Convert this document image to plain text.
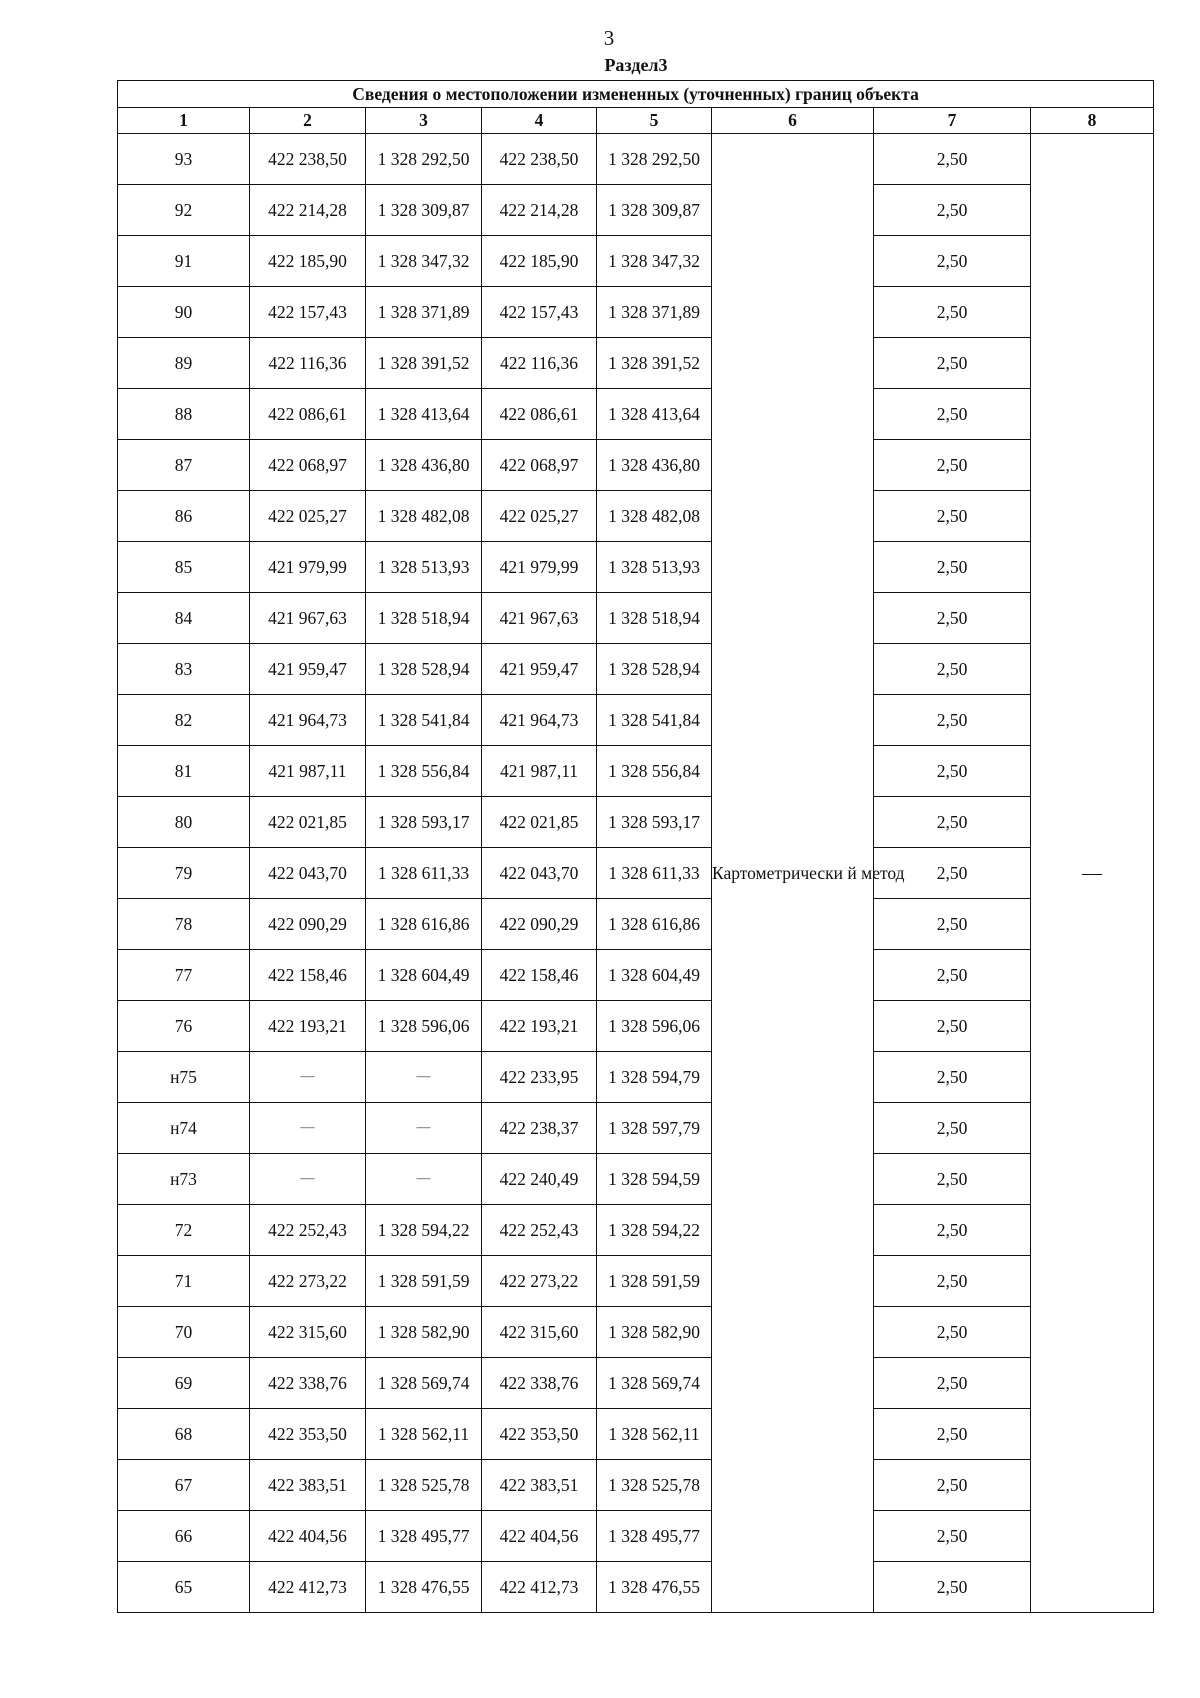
3
Раздел3
Сведения о местоположении измененных (уточненных) границ объекта							
1	2	3	4	5	6	7	8
93	422 238,50	1 328 292,50	422 238,50	1 328 292,50	Картометрически й метод	2,50	—
92	422 214,28	1 328 309,87	422 214,28	1 328 309,87		2,50	
91	422 185,90	1 328 347,32	422 185,90	1 328 347,32		2,50	
90	422 157,43	1 328 371,89	422 157,43	1 328 371,89		2,50	
89	422 116,36	1 328 391,52	422 116,36	1 328 391,52		2,50	
88	422 086,61	1 328 413,64	422 086,61	1 328 413,64		2,50	
87	422 068,97	1 328 436,80	422 068,97	1 328 436,80		2,50	
86	422 025,27	1 328 482,08	422 025,27	1 328 482,08		2,50	
85	421 979,99	1 328 513,93	421 979,99	1 328 513,93		2,50	
84	421 967,63	1 328 518,94	421 967,63	1 328 518,94		2,50	
83	421 959,47	1 328 528,94	421 959,47	1 328 528,94		2,50	
82	421 964,73	1 328 541,84	421 964,73	1 328 541,84		2,50	
81	421 987,11	1 328 556,84	421 987,11	1 328 556,84		2,50	
80	422 021,85	1 328 593,17	422 021,85	1 328 593,17		2,50	
79	422 043,70	1 328 611,33	422 043,70	1 328 611,33		2,50	
78	422 090,29	1 328 616,86	422 090,29	1 328 616,86		2,50	
77	422 158,46	1 328 604,49	422 158,46	1 328 604,49		2,50	
76	422 193,21	1 328 596,06	422 193,21	1 328 596,06		2,50	
н75	—	—	422 233,95	1 328 594,79		2,50	
н74	—	—	422 238,37	1 328 597,79		2,50	
н73	—	—	422 240,49	1 328 594,59		2,50	
72	422 252,43	1 328 594,22	422 252,43	1 328 594,22		2,50	
71	422 273,22	1 328 591,59	422 273,22	1 328 591,59		2,50	
70	422 315,60	1 328 582,90	422 315,60	1 328 582,90		2,50	
69	422 338,76	1 328 569,74	422 338,76	1 328 569,74		2,50	
68	422 353,50	1 328 562,11	422 353,50	1 328 562,11		2,50	
67	422 383,51	1 328 525,78	422 383,51	1 328 525,78		2,50	
66	422 404,56	1 328 495,77	422 404,56	1 328 495,77		2,50	
65	422 412,73	1 328 476,55	422 412,73	1 328 476,55		2,50	
